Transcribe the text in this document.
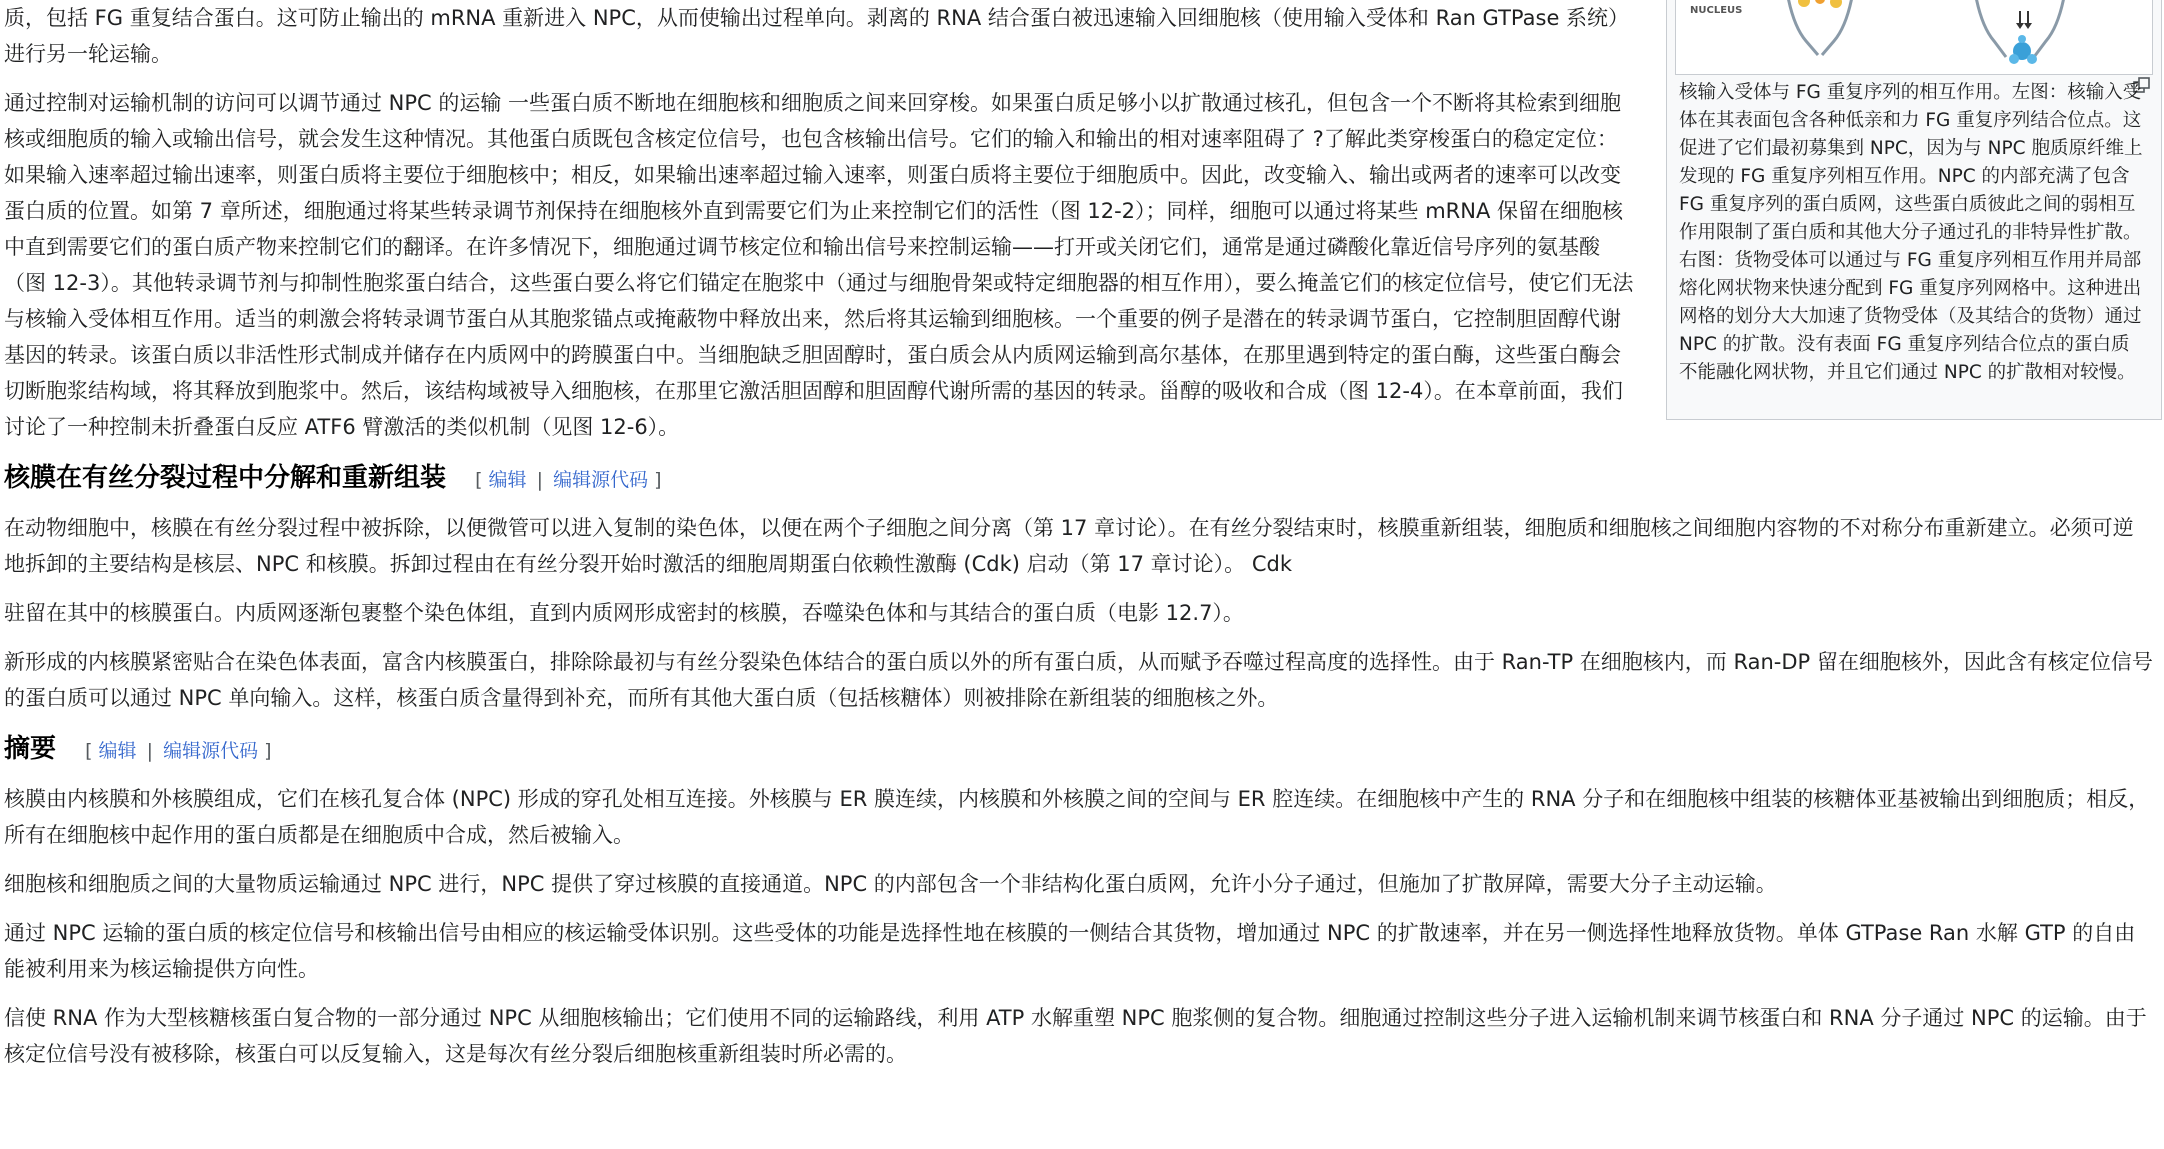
NUCLEUS
核输入受体与 FG 重复序列的相互作用。左图：核输入受体在其表面包含各种低亲和力 FG 重复序列结合位点。这促进了它们最初募集到 NPC，因为与 NPC 胞质原纤维上发现的 FG 重复序列相互作用。NPC 的内部充满了包含 FG 重复序列的蛋白质网，这些蛋白质彼此之间的弱相互作用限制了蛋白质和其他大分子通过孔的非特异性扩散。右图：货物受体可以通过与 FG 重复序列相互作用并局部熔化网状物来快速分配到 FG 重复序列网格中。这种进出网格的划分大大加速了货物受体（及其结合的货物）通过 NPC 的扩散。没有表面 FG 重复序列结合位点的蛋白质不能融化网状物，并且它们通过 NPC 的扩散相对较慢。

质，包括 FG 重复结合蛋白。这可防止输出的 mRNA 重新进入 NPC，从而使输出过程单向。剥离的 RNA 结合蛋白被迅速输入回细胞核（使用输入受体和 Ran GTPase 系统）进行另一轮运输。

通过控制对运输机制的访问可以调节通过 NPC 的运输 一些蛋白质不断地在细胞核和细胞质之间来回穿梭。如果蛋白质足够小以扩散通过核孔，但包含一个不断将其检索到细胞核或细胞质的输入或输出信号，就会发生这种情况。其他蛋白质既包含核定位信号，也包含核输出信号。它们的输入和输出的相对速率阻碍了 ?了解此类穿梭蛋白的稳定定位：如果输入速率超过输出速率，则蛋白质将主要位于细胞核中；相反，如果输出速率超过输入速率，则蛋白质将主要位于细胞质中。因此，改变输入、输出或两者的速率可以改变蛋白质的位置。如第 7 章所述，细胞通过将某些转录调节剂保持在细胞核外直到需要它们为止来控制它们的活性（图 12-2）；同样，细胞可以通过将某些 mRNA 保留在细胞核中直到需要它们的蛋白质产物来控制它们的翻译。在许多情况下，细胞通过调节核定位和输出信号来控制运输——打开或关闭它们，通常是通过磷酸化靠近信号序列的氨基酸（图 12-3）。其他转录调节剂与抑制性胞浆蛋白结合，这些蛋白要么将它们锚定在胞浆中（通过与细胞骨架或特定细胞器的相互作用），要么掩盖它们的核定位信号，使它们无法与核输入受体相互作用。适当的刺激会将转录调节蛋白从其胞浆锚点或掩蔽物中释放出来，然后将其运输到细胞核。一个重要的例子是潜在的转录调节蛋白，它控制胆固醇代谢基因的转录。该蛋白质以非活性形式制成并储存在内质网中的跨膜蛋白中。当细胞缺乏胆固醇时，蛋白质会从内质网运输到高尔基体，在那里遇到特定的蛋白酶，这些蛋白酶会切断胞浆结构域，将其释放到胞浆中。然后，该结构域被导入细胞核，在那里它激活胆固醇和胆固醇代谢所需的基因的转录。甾醇的吸收和合成（图 12-4）。在本章前面，我们讨论了一种控制未折叠蛋白反应 ATF6 臂激活的类似机制（见图 12-6）。

核膜在有丝分裂过程中分解和重新组装 [ 编辑 | 编辑源代码 ]

在动物细胞中，核膜在有丝分裂过程中被拆除，以便微管可以进入复制的染色体，以便在两个子细胞之间分离（第 17 章讨论）。在有丝分裂结束时，核膜重新组装，细胞质和细胞核之间细胞内容物的不对称分布重新建立。必须可逆地拆卸的主要结构是核层、NPC 和核膜。拆卸过程由在有丝分裂开始时激活的细胞周期蛋白依赖性激酶 (Cdk) 启动（第 17 章讨论）。 Cdk

驻留在其中的核膜蛋白。内质网逐渐包裹整个染色体组，直到内质网形成密封的核膜，吞噬染色体和与其结合的蛋白质（电影 12.7）。

新形成的内核膜紧密贴合在染色体表面，富含内核膜蛋白，排除除最初与有丝分裂染色体结合的蛋白质以外的所有蛋白质，从而赋予吞噬过程高度的选择性。由于 Ran-TP 在细胞核内，而 Ran-DP 留在细胞核外，因此含有核定位信号的蛋白质可以通过 NPC 单向输入。这样，核蛋白质含量得到补充，而所有其他大蛋白质（包括核糖体）则被排除在新组装的细胞核之外。

摘要 [ 编辑 | 编辑源代码 ]

核膜由内核膜和外核膜组成，它们在核孔复合体 (NPC) 形成的穿孔处相互连接。外核膜与 ER 膜连续，内核膜和外核膜之间的空间与 ER 腔连续。在细胞核中产生的 RNA 分子和在细胞核中组装的核糖体亚基被输出到细胞质；相反，所有在细胞核中起作用的蛋白质都是在细胞质中合成，然后被输入。

细胞核和细胞质之间的大量物质运输通过 NPC 进行，NPC 提供了穿过核膜的直接通道。NPC 的内部包含一个非结构化蛋白质网，允许小分子通过，但施加了扩散屏障，需要大分子主动运输。

通过 NPC 运输的蛋白质的核定位信号和核输出信号由相应的核运输受体识别。这些受体的功能是选择性地在核膜的一侧结合其货物，增加通过 NPC 的扩散速率，并在另一侧选择性地释放货物。单体 GTPase Ran 水解 GTP 的自由能被利用来为核运输提供方向性。

信使 RNA 作为大型核糖核蛋白复合物的一部分通过 NPC 从细胞核输出；它们使用不同的运输路线，利用 ATP 水解重塑 NPC 胞浆侧的复合物。细胞通过控制这些分子进入运输机制来调节核蛋白和 RNA 分子通过 NPC 的运输。由于核定位信号没有被移除，核蛋白可以反复输入，这是每次有丝分裂后细胞核重新组装时所必需的。
